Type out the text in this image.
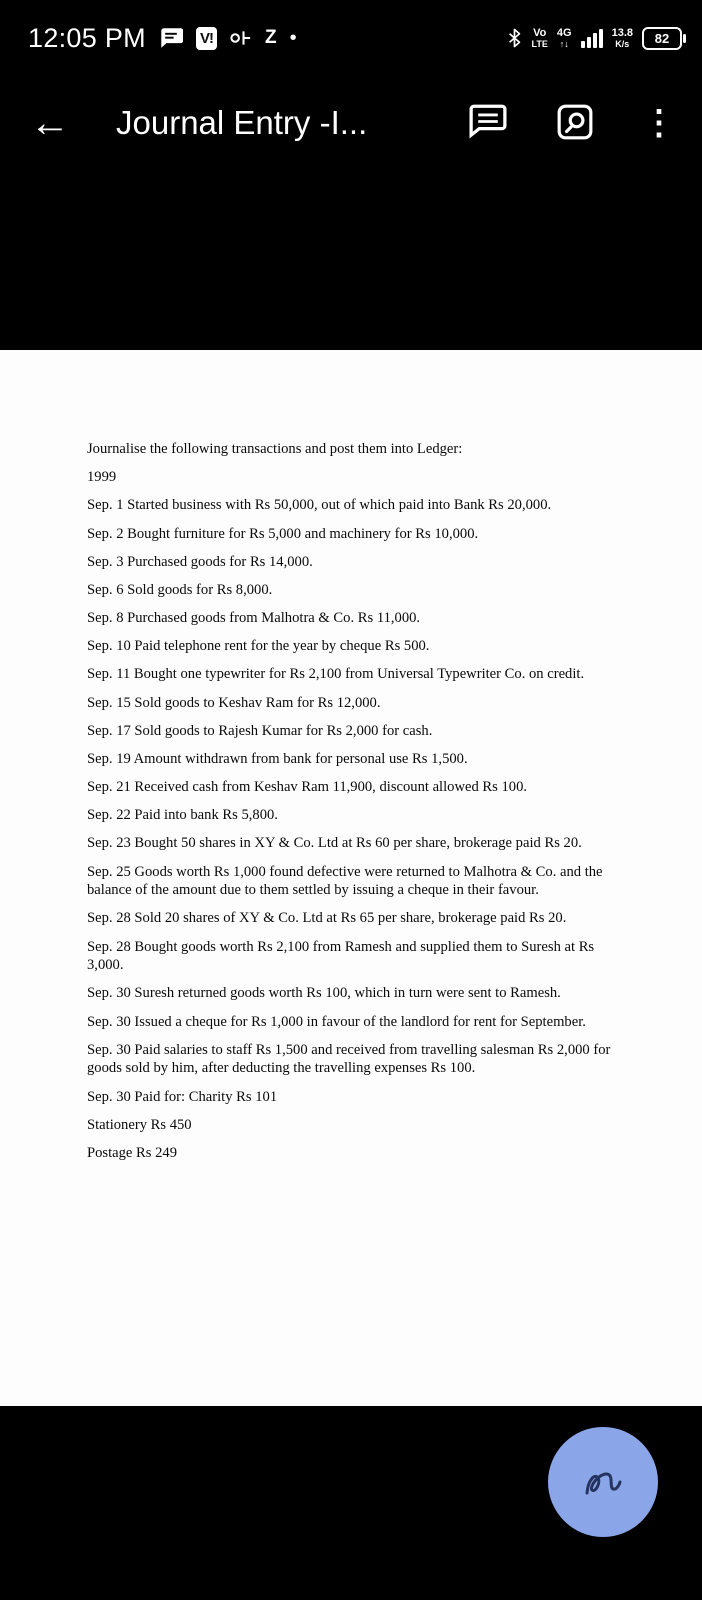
12:05 PM	V!	Z •	Vo
LTE
4G
↑↓
13.8
K/s 82
← Journal Entry -I...	⋮

Journalise the following transactions and post them into Ledger:

1999

Sep. 1 Started business with Rs 50,000, out of which paid into Bank Rs 20,000.

Sep. 2 Bought furniture for Rs 5,000 and machinery for Rs 10,000.

Sep. 3 Purchased goods for Rs 14,000.

Sep. 6 Sold goods for Rs 8,000.

Sep. 8 Purchased goods from Malhotra & Co. Rs 11,000.

Sep. 10 Paid telephone rent for the year by cheque Rs 500.

Sep. 11 Bought one typewriter for Rs 2,100 from Universal Typewriter Co. on credit.

Sep. 15 Sold goods to Keshav Ram for Rs 12,000.

Sep. 17 Sold goods to Rajesh Kumar for Rs 2,000 for cash.

Sep. 19 Amount withdrawn from bank for personal use Rs 1,500.

Sep. 21 Received cash from Keshav Ram 11,900, discount allowed Rs 100.

Sep. 22 Paid into bank Rs 5,800.

Sep. 23 Bought 50 shares in XY & Co. Ltd at Rs 60 per share, brokerage paid Rs 20.

Sep. 25 Goods worth Rs 1,000 found defective were returned to Malhotra & Co. and the balance of the amount due to them settled by issuing a cheque in their favour.

Sep. 28 Sold 20 shares of XY & Co. Ltd at Rs 65 per share, brokerage paid Rs 20.

Sep. 28 Bought goods worth Rs 2,100 from Ramesh and supplied them to Suresh at Rs 3,000.

Sep. 30 Suresh returned goods worth Rs 100, which in turn were sent to Ramesh.

Sep. 30 Issued a cheque for Rs 1,000 in favour of the landlord for rent for September.

Sep. 30 Paid salaries to staff Rs 1,500 and received from travelling salesman Rs 2,000 for goods sold by him, after deducting the travelling expenses Rs 100.

Sep. 30 Paid for: Charity Rs 101

Stationery Rs 450

Postage Rs 249
